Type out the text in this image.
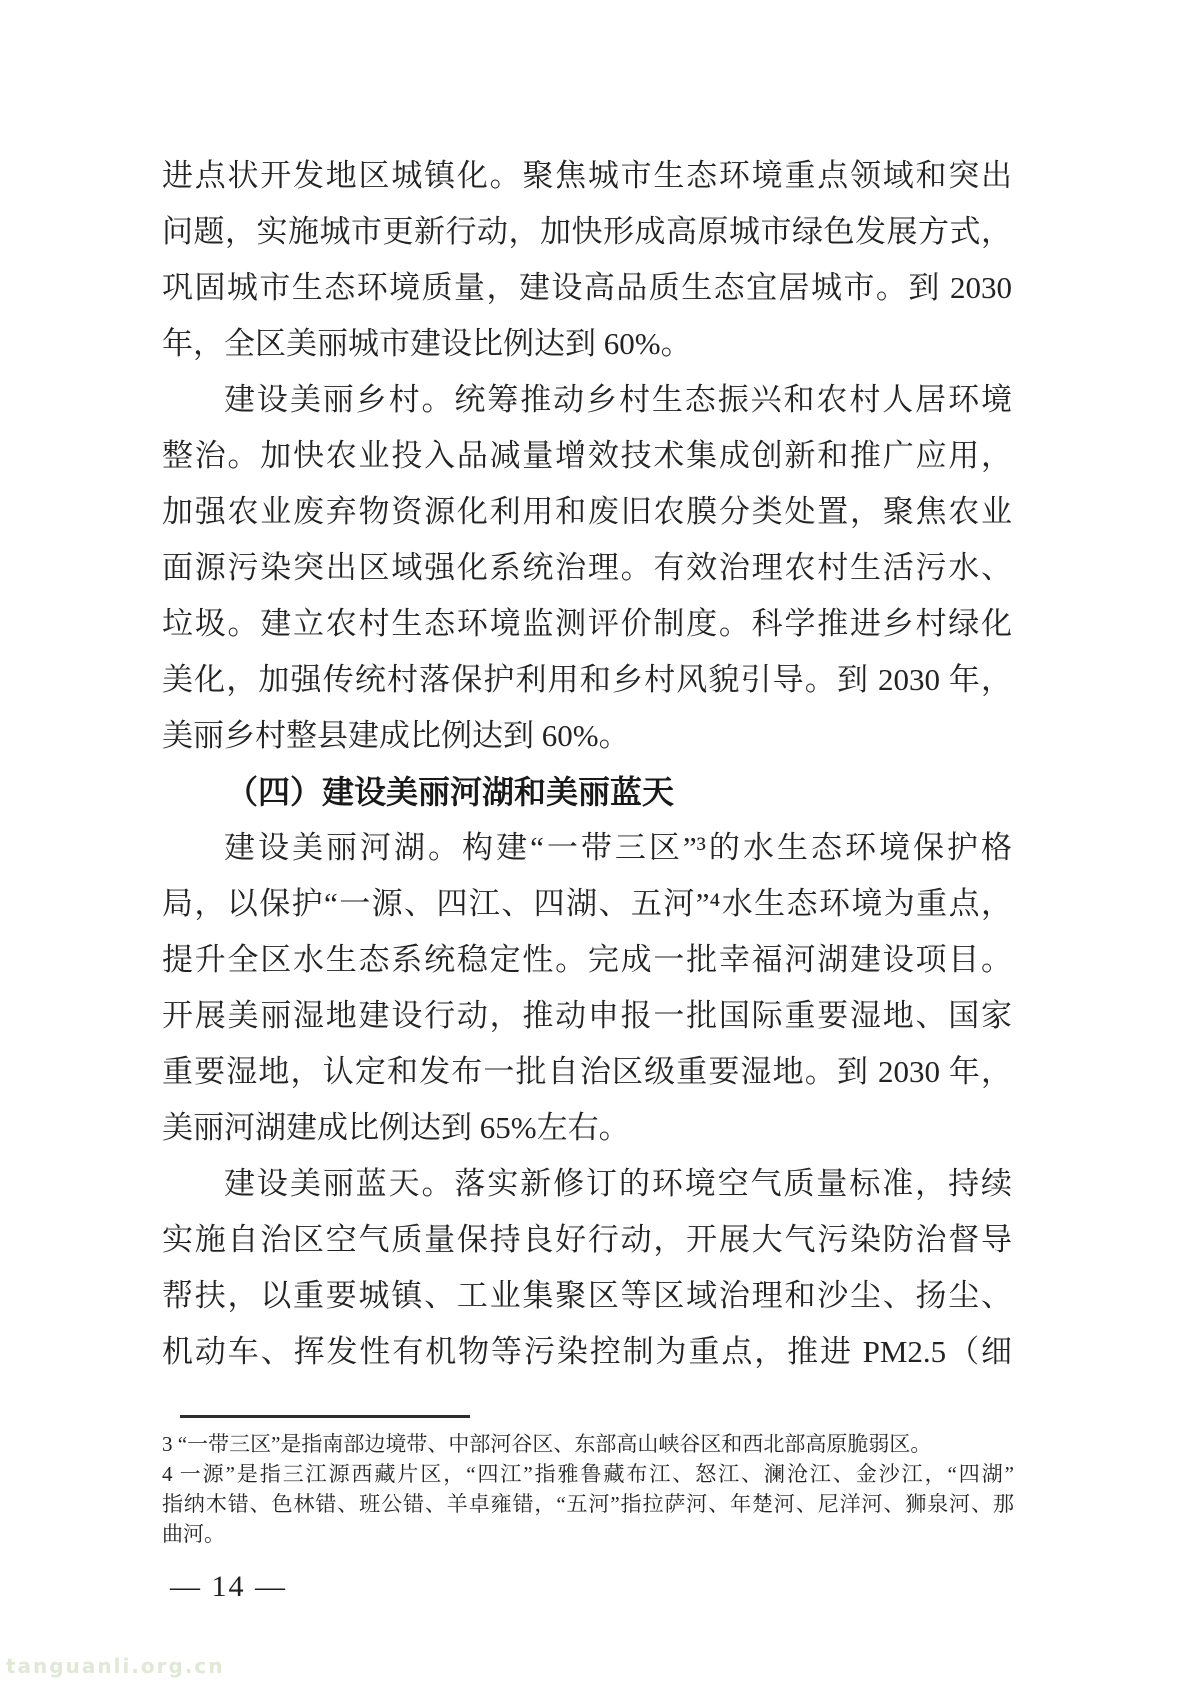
进点状开发地区城镇化。聚焦城市生态环境重点领域和突出
问题，实施城市更新行动，加快形成高原城市绿色发展方式，
巩固城市生态环境质量，建设高品质生态宜居城市。到 2030
年，全区美丽城市建设比例达到 60%。
建设美丽乡村。统筹推动乡村生态振兴和农村人居环境
整治。加快农业投入品减量增效技术集成创新和推广应用，
加强农业废弃物资源化利用和废旧农膜分类处置，聚焦农业
面源污染突出区域强化系统治理。有效治理农村生活污水、
垃圾。建立农村生态环境监测评价制度。科学推进乡村绿化
美化，加强传统村落保护利用和乡村风貌引导。到 2030 年，
美丽乡村整县建成比例达到 60%。
（四）建设美丽河湖和美丽蓝天
建设美丽河湖。构建“一带三区”³的水生态环境保护格
局，以保护“一源、四江、四湖、五河”⁴水生态环境为重点，
提升全区水生态系统稳定性。完成一批幸福河湖建设项目。
开展美丽湿地建设行动，推动申报一批国际重要湿地、国家
重要湿地，认定和发布一批自治区级重要湿地。到 2030 年，
美丽河湖建成比例达到 65%左右。
建设美丽蓝天。落实新修订的环境空气质量标准，持续
实施自治区空气质量保持良好行动，开展大气污染防治督导
帮扶，以重要城镇、工业集聚区等区域治理和沙尘、扬尘、
机动车、挥发性有机物等污染控制为重点，推进 PM2.5（细
3 “一带三区”是指南部边境带、中部河谷区、东部高山峡谷区和西北部高原脆弱区。
4 一源”是指三江源西藏片区，“四江”指雅鲁藏布江、怒江、澜沧江、金沙江，“四湖”
指纳木错、色林错、班公错、羊卓雍错，“五河”指拉萨河、年楚河、尼洋河、狮泉河、那
曲河。
— 14 —
tanguanli.org.cn
